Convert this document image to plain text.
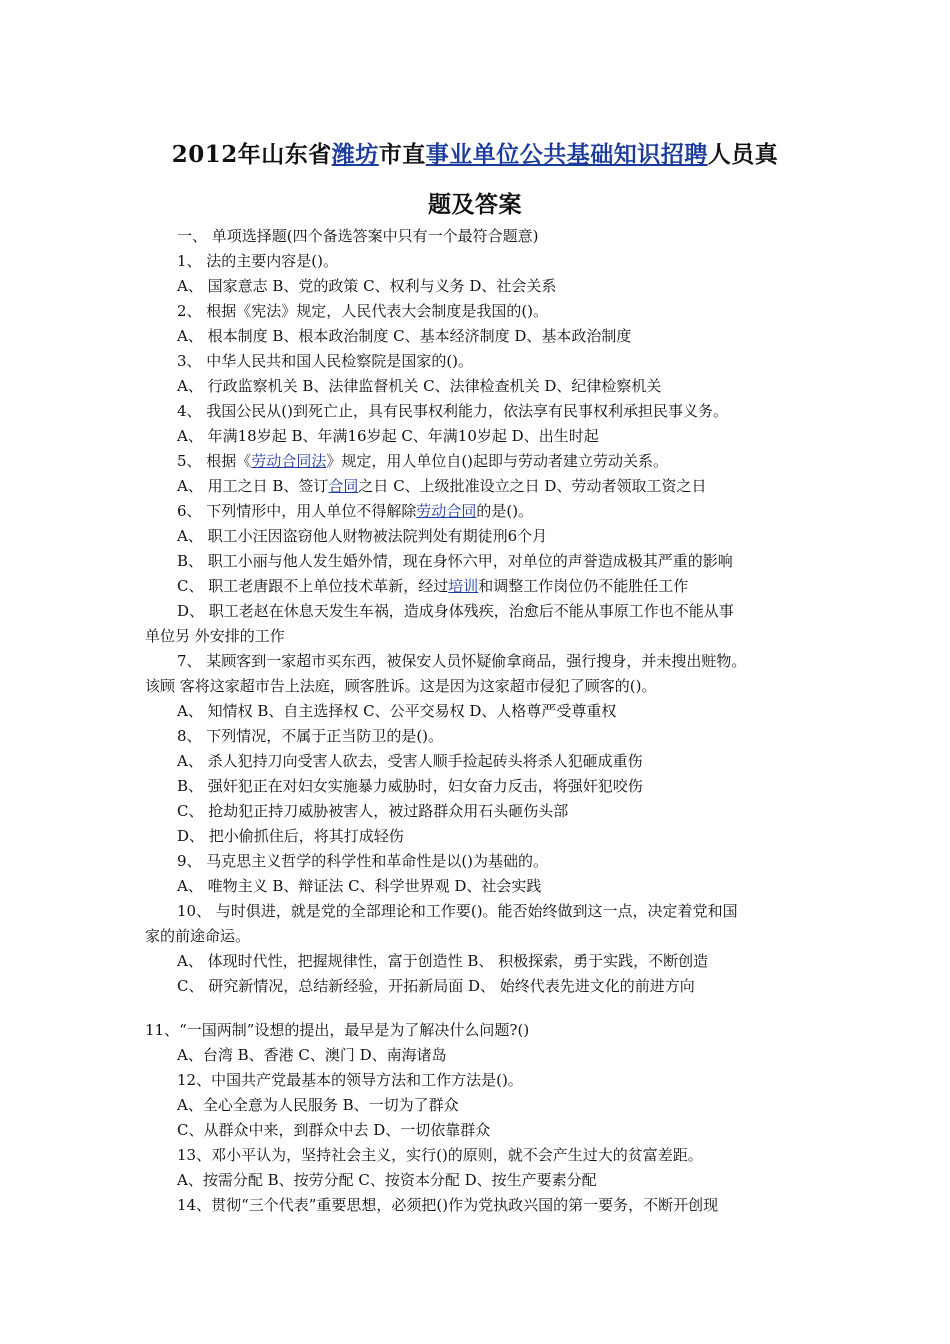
2012年山东省潍坊市直事业单位公共基础知识招聘人员真
题及答案
一、 单项选择题(四个备选答案中只有一个最符合题意)
1、 法的主要内容是()。
A、 国家意志 B、党的政策 C、权利与义务 D、社会关系
2、 根据《宪法》规定，人民代表大会制度是我国的()。
A、 根本制度 B、根本政治制度 C、基本经济制度 D、基本政治制度
3、 中华人民共和国人民检察院是国家的()。
A、 行政监察机关 B、法律监督机关 C、法律检查机关 D、纪律检察机关
4、 我国公民从()到死亡止，具有民事权利能力，依法享有民事权利承担民事义务。
A、 年满18岁起 B、年满16岁起 C、年满10岁起 D、出生时起
5、 根据《劳动合同法》规定，用人单位自()起即与劳动者建立劳动关系。
A、 用工之日 B、签订合同之日 C、上级批准设立之日 D、劳动者领取工资之日
6、 下列情形中，用人单位不得解除劳动合同的是()。
A、 职工小汪因盗窃他人财物被法院判处有期徒刑6个月
B、 职工小丽与他人发生婚外情，现在身怀六甲，对单位的声誉造成极其严重的影响
C、 职工老唐跟不上单位技术革新，经过培训和调整工作岗位仍不能胜任工作
D、 职工老赵在休息天发生车祸，造成身体残疾，治愈后不能从事原工作也不能从事
单位另 外安排的工作
7、 某顾客到一家超市买东西，被保安人员怀疑偷拿商品，强行搜身，并未搜出赃物。
该顾 客将这家超市告上法庭，顾客胜诉。这是因为这家超市侵犯了顾客的()。
A、 知情权 B、自主选择权 C、公平交易权 D、人格尊严受尊重权
8、 下列情况，不属于正当防卫的是()。
A、 杀人犯持刀向受害人砍去，受害人顺手捡起砖头将杀人犯砸成重伤
B、 强奸犯正在对妇女实施暴力威胁时，妇女奋力反击，将强奸犯咬伤
C、 抢劫犯正持刀威胁被害人，被过路群众用石头砸伤头部
D、 把小偷抓住后，将其打成轻伤
9、 马克思主义哲学的科学性和革命性是以()为基础的。
A、 唯物主义 B、辩证法 C、科学世界观 D、社会实践
10、 与时俱进，就是党的全部理论和工作要()。能否始终做到这一点，决定着党和国
家的前途命运。
A、 体现时代性，把握规律性，富于创造性 B、 积极探索，勇于实践，不断创造
C、 研究新情况，总结新经验，开拓新局面 D、 始终代表先进文化的前进方向
11、“一国两制”设想的提出，最早是为了解决什么问题?()
A、台湾 B、香港 C、澳门 D、南海诸岛
12、中国共产党最基本的领导方法和工作方法是()。
A、全心全意为人民服务 B、一切为了群众
C、从群众中来，到群众中去 D、一切依靠群众
13、邓小平认为，坚持社会主义，实行()的原则，就不会产生过大的贫富差距。
A、按需分配 B、按劳分配 C、按资本分配 D、按生产要素分配
14、贯彻“三个代表”重要思想，必须把()作为党执政兴国的第一要务，不断开创现
